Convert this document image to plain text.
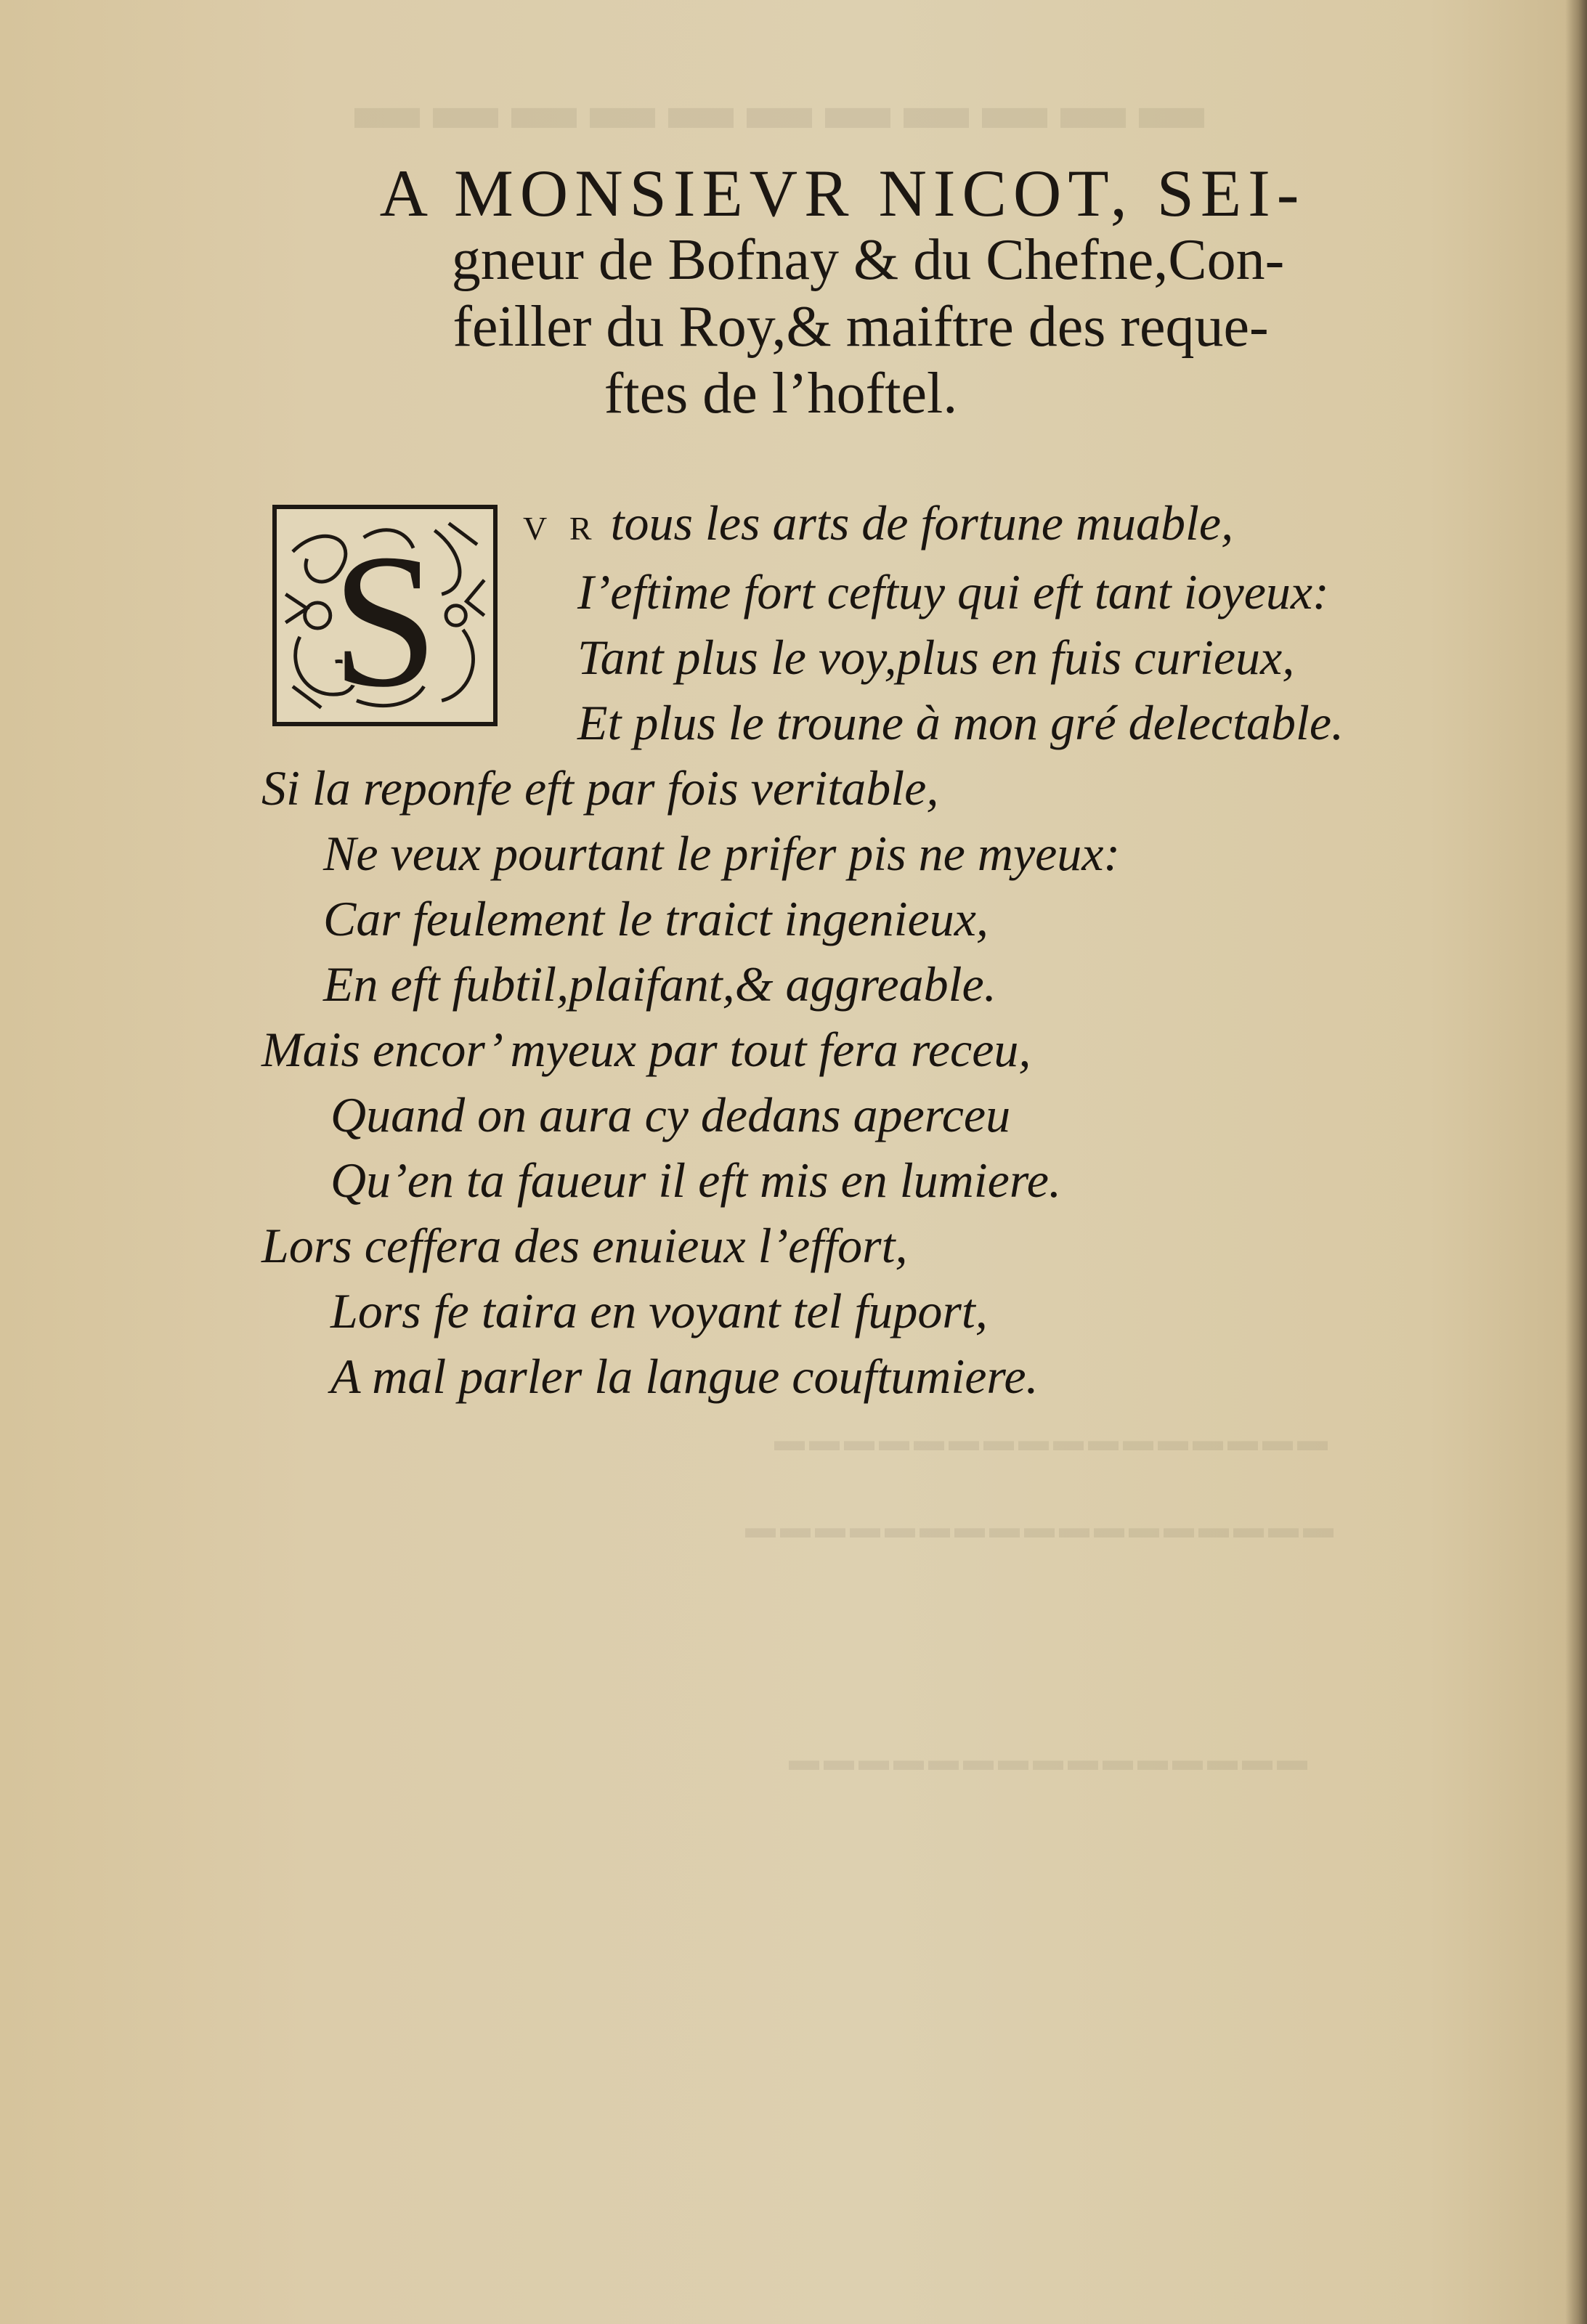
▬▬▬▬▬▬▬▬▬▬▬
▬▬▬▬▬▬▬▬▬▬▬▬▬▬▬▬
▬▬▬▬▬▬▬▬▬▬▬▬▬▬▬▬▬
▬▬▬▬▬▬▬▬▬▬▬▬▬▬▬
A MONSIEVR NICOT, SEI-
gneur de Bofnay & du Chefne,Con-
feiller du Roy,& maiftre des reque-
ftes de l’hoftel.
S	V R tous les arts de fortune muable,
I’eftime fort ceftuy qui eft tant ioyeux:
Tant plus le voy,plus en fuis curieux,
Et plus le troune à mon gré delectable.
Si la reponfe eft par fois veritable,
Ne veux pourtant le prifer pis ne myeux:
Car feulement le traict ingenieux,
En eft fubtil,plaifant,& aggreable.
Mais encor’ myeux par tout fera receu,
Quand on aura cy dedans aperceu
Qu’en ta faueur il eft mis en lumiere.
Lors ceffera des enuieux l’effort,
Lors fe taira en voyant tel fuport,
A mal parler la langue couftumiere.
